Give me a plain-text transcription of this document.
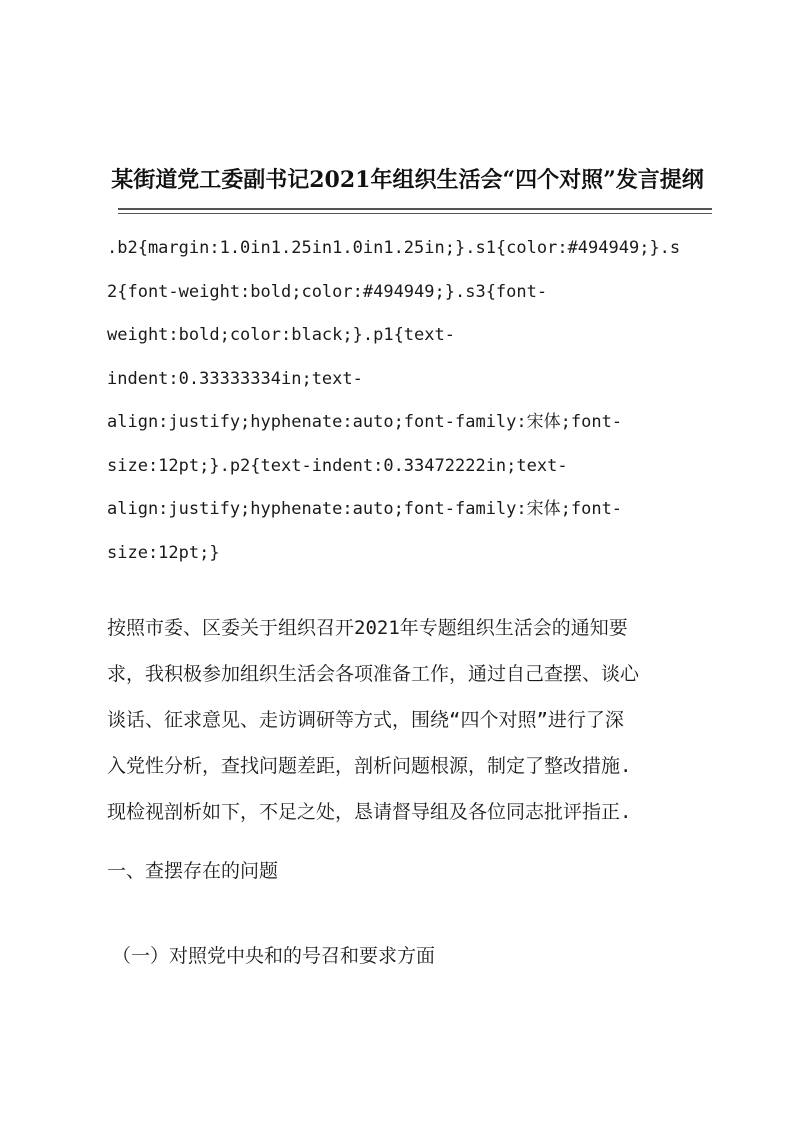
某街道党工委副书记2021年组织生活会“四个对照”发言提纲
.b2{margin:1.0in1.25in1.0in1.25in;}.s1{color:#494949;}.s
2{font-weight:bold;color:#494949;}.s3{font-
weight:bold;color:black;}.p1{text-
indent:0.33333334in;text-
align:justify;hyphenate:auto;font-family:宋体;font-
size:12pt;}.p2{text-indent:0.33472222in;text-
align:justify;hyphenate:auto;font-family:宋体;font-
size:12pt;}
按照市委、区委关于组织召开2021年专题组织生活会的通知要
求，我积极参加组织生活会各项准备工作，通过自己查摆、谈心
谈话、征求意见、走访调研等方式，围绕“四个对照”进行了深
入党性分析，查找问题差距，剖析问题根源，制定了整改措施.
现检视剖析如下，不足之处，恳请督导组及各位同志批评指正.
一、查摆存在的问题
（一）对照党中央和的号召和要求方面
